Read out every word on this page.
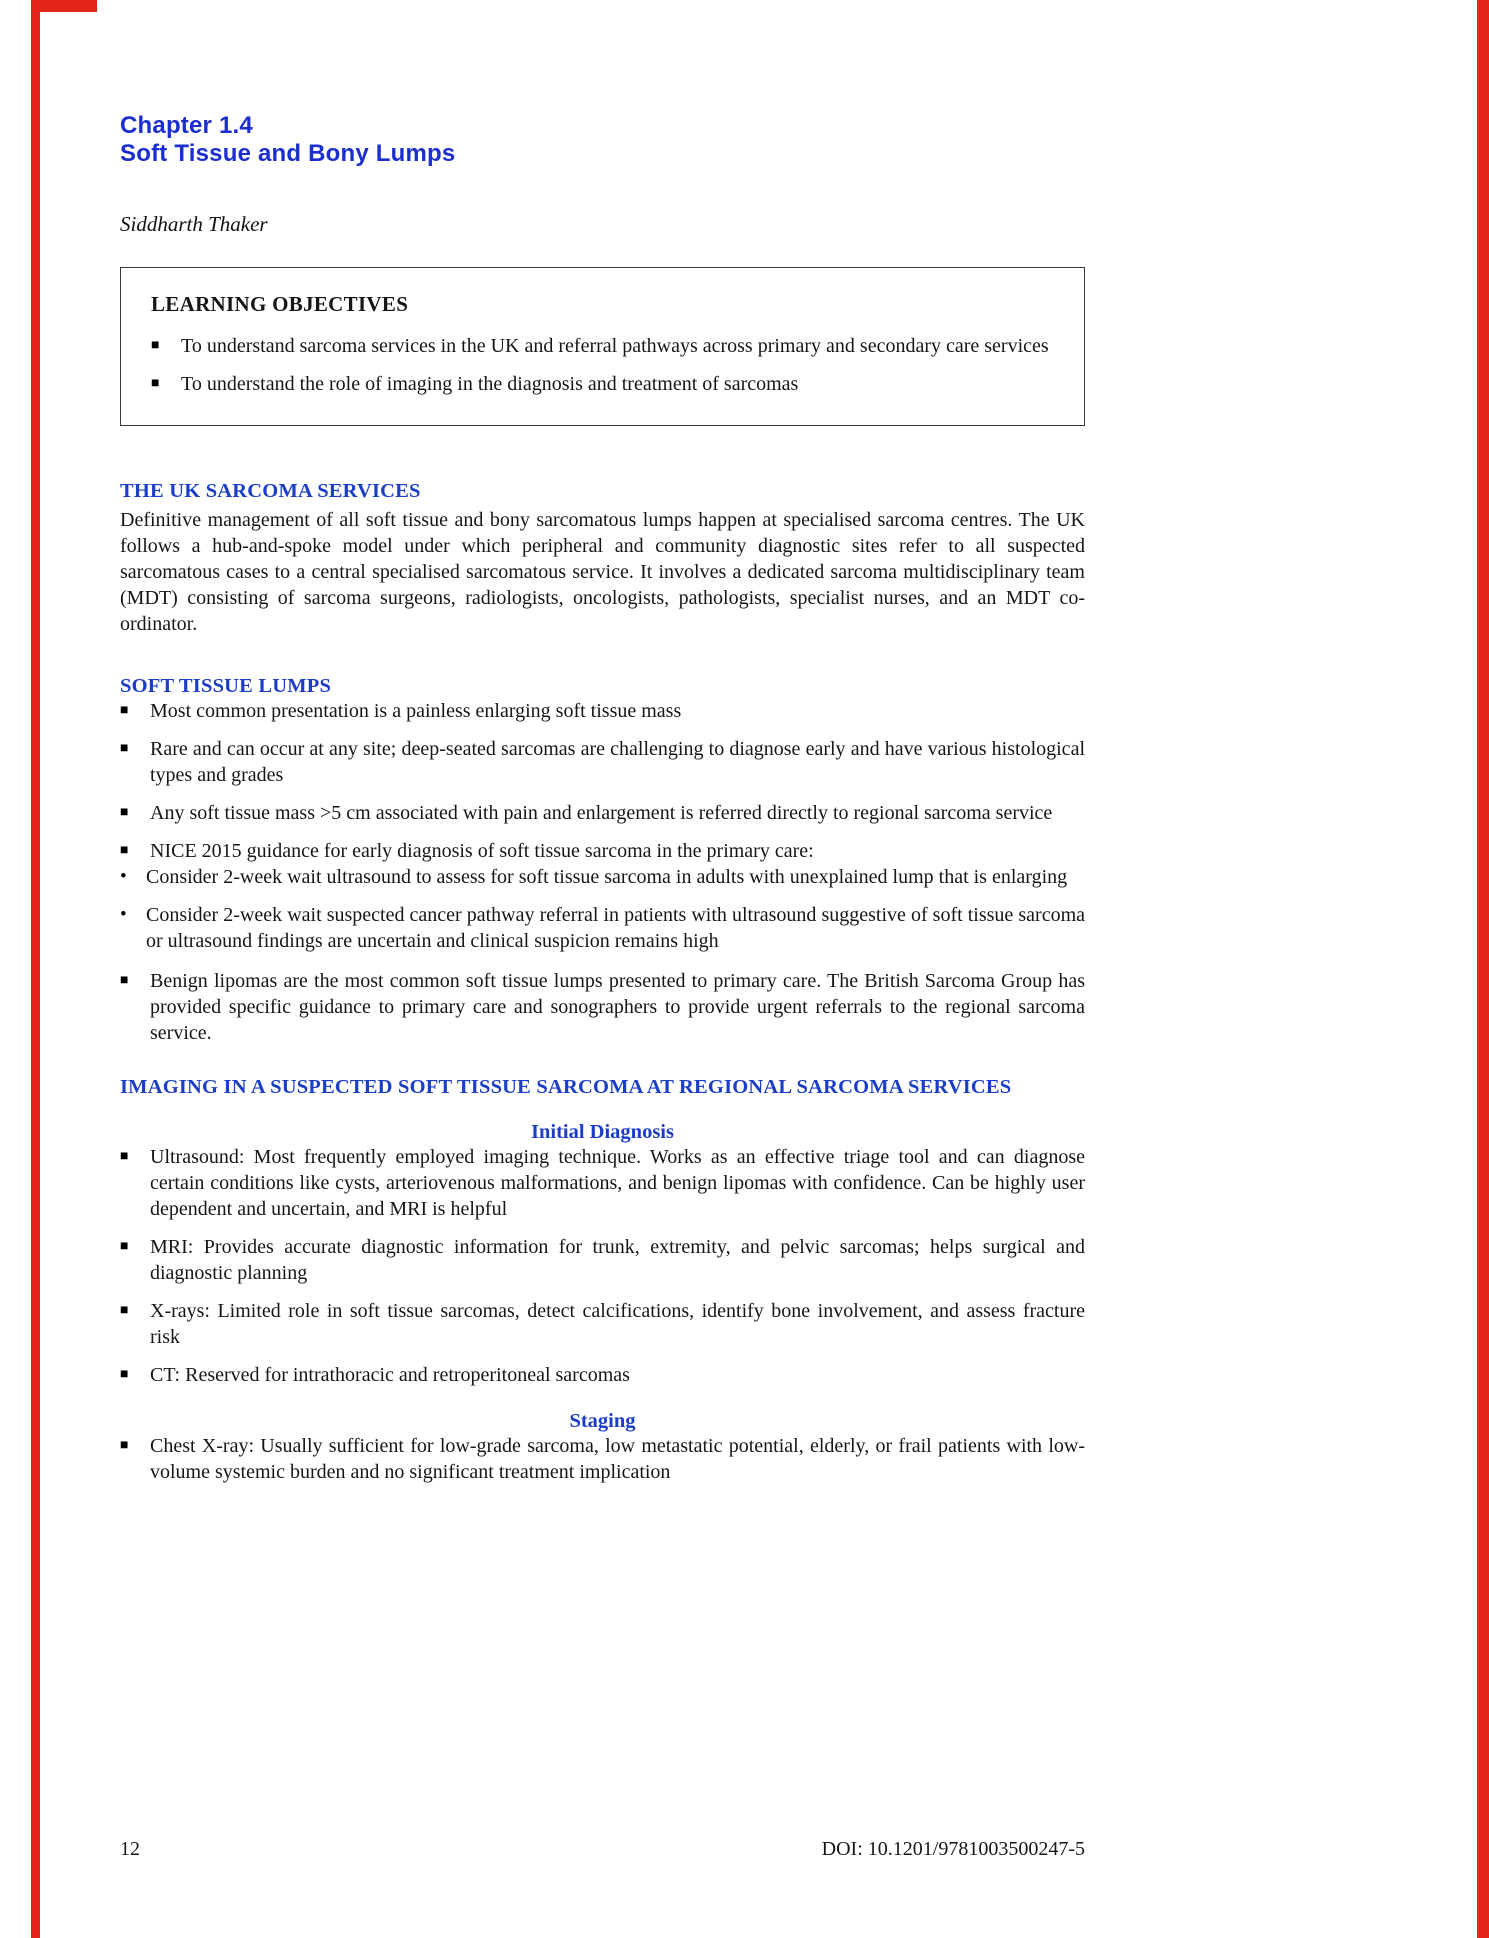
Chapter 1.4
Soft Tissue and Bony Lumps
Siddharth Thaker
LEARNING OBJECTIVES
■	To understand sarcoma services in the UK and referral pathways across primary and secondary care services
■	To understand the role of imaging in the diagnosis and treatment of sarcomas
THE UK SARCOMA SERVICES
Definitive management of all soft tissue and bony sarcomatous lumps happen at specialised sarcoma centres. The UK follows a hub-and-spoke model under which peripheral and community diagnostic sites refer to all suspected sarcomatous cases to a central specialised sarcomatous service. It involves a dedicated sarcoma multidisciplinary team (MDT) consisting of sarcoma surgeons, radiologists, oncologists, pathologists, specialist nurses, and an MDT co-ordinator.
SOFT TISSUE LUMPS
■	Most common presentation is a painless enlarging soft tissue mass
■	Rare and can occur at any site; deep-seated sarcomas are challenging to diagnose early and have various histological types and grades
■	Any soft tissue mass >5 cm associated with pain and enlargement is referred directly to regional sarcoma service
■	NICE 2015 guidance for early diagnosis of soft tissue sarcoma in the primary care:
• Consider 2-week wait ultrasound to assess for soft tissue sarcoma in adults with unexplained lump that is enlarging
• Consider 2-week wait suspected cancer pathway referral in patients with ultrasound suggestive of soft tissue sarcoma or ultrasound findings are uncertain and clinical suspicion remains high
■	Benign lipomas are the most common soft tissue lumps presented to primary care. The British Sarcoma Group has provided specific guidance to primary care and sonographers to provide urgent referrals to the regional sarcoma service.
IMAGING IN A SUSPECTED SOFT TISSUE SARCOMA AT REGIONAL SARCOMA SERVICES
Initial Diagnosis
■	Ultrasound: Most frequently employed imaging technique. Works as an effective triage tool and can diagnose certain conditions like cysts, arteriovenous malformations, and benign lipomas with confidence. Can be highly user dependent and uncertain, and MRI is helpful
■	MRI: Provides accurate diagnostic information for trunk, extremity, and pelvic sarcomas; helps surgical and diagnostic planning
■	X-rays: Limited role in soft tissue sarcomas, detect calcifications, identify bone involvement, and assess fracture risk
■	CT: Reserved for intrathoracic and retroperitoneal sarcomas
Staging
■	Chest X-ray: Usually sufficient for low-grade sarcoma, low metastatic potential, elderly, or frail patients with low-volume systemic burden and no significant treatment implication
12	DOI: 10.1201/9781003500247-5
